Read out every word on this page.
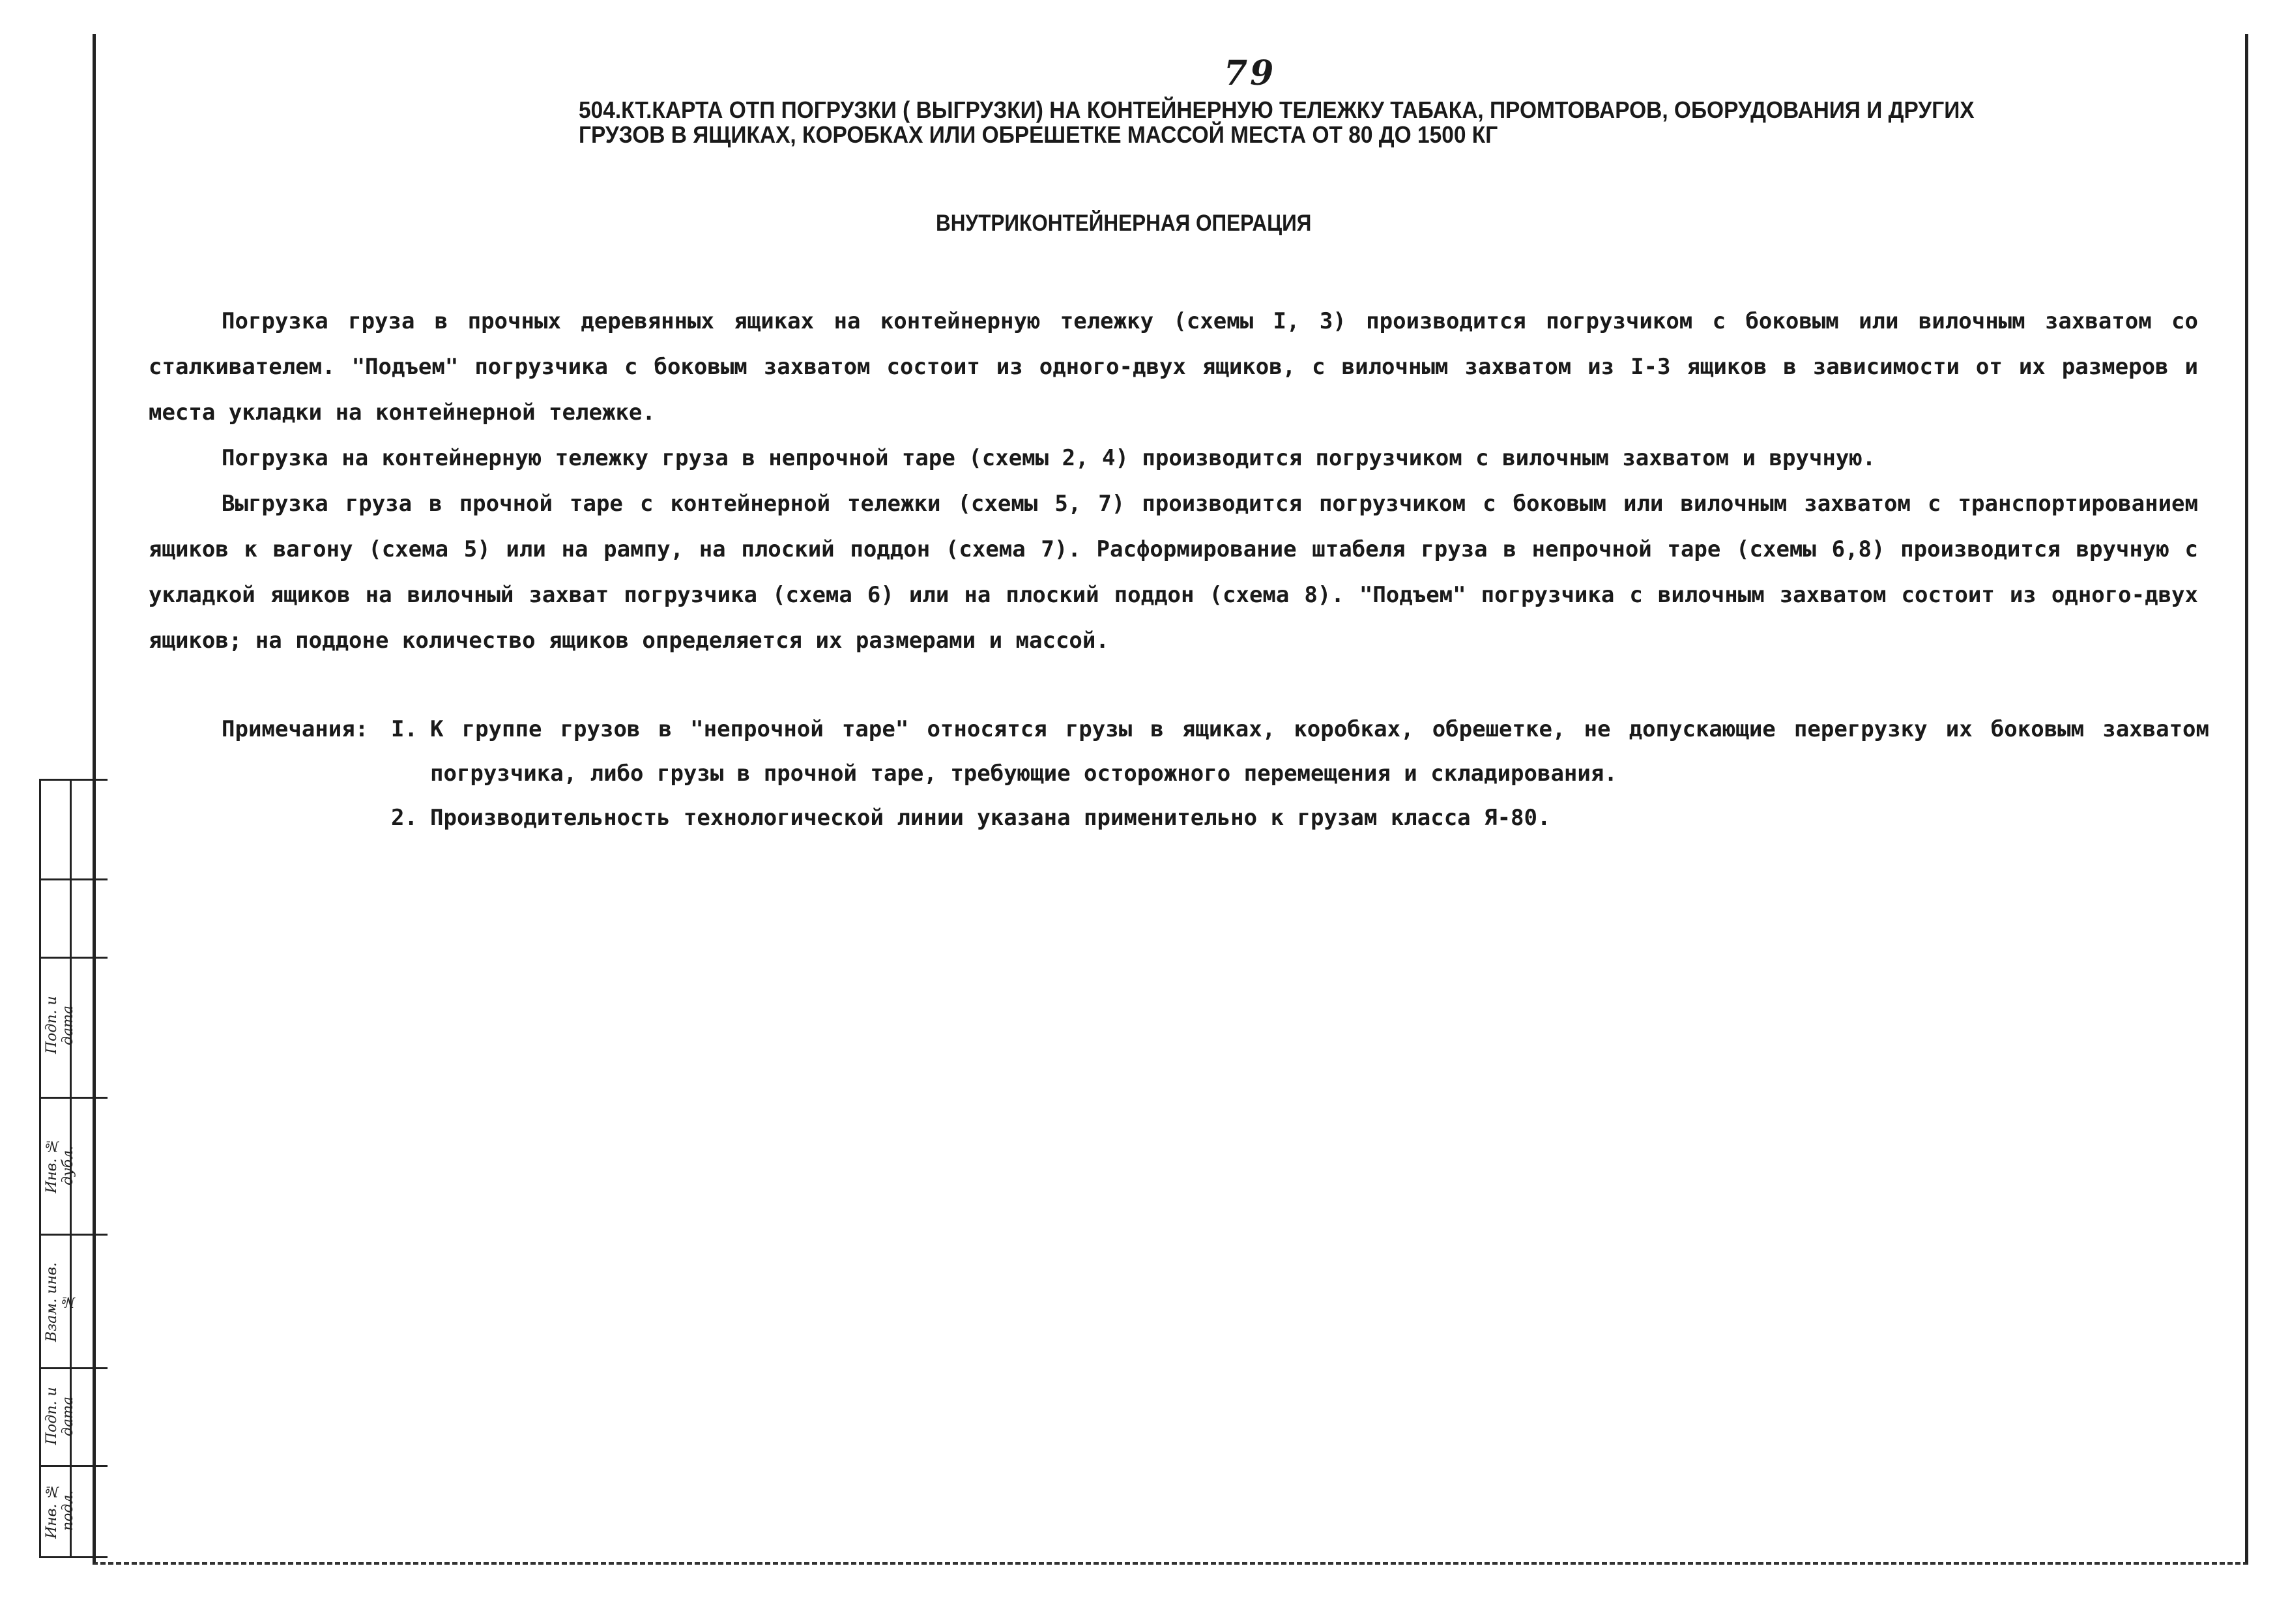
79
504.КТ.КАРТА ОТП ПОГРУЗКИ ( ВЫГРУЗКИ) НА КОНТЕЙНЕРНУЮ ТЕЛЕЖКУ ТАБАКА, ПРОМТОВАРОВ, ОБОРУДОВАНИЯ И ДРУГИХ
ГРУЗОВ В ЯЩИКАХ, КОРОБКАХ ИЛИ ОБРЕШЕТКЕ МАССОЙ МЕСТА ОТ 80 ДО 1500 КГ
ВНУТРИКОНТЕЙНЕРНАЯ ОПЕРАЦИЯ

Погрузка груза в прочных деревянных ящиках на контейнерную тележку (схемы I, 3) производится погрузчиком с боковым или вилочным захватом со сталкивателем. "Подъем" погрузчика с боковым захватом состоит из одного-двух ящиков, с вилочным захватом из I-3 ящиков в зависимости от их размеров и места укладки на контейнерной тележке.

Погрузка на контейнерную тележку груза в непрочной таре (схемы 2, 4) производится погрузчиком с вилочным захватом и вручную.

Выгрузка груза в прочной таре с контейнерной тележки (схемы 5, 7) производится погрузчиком с боковым или вилочным захватом с транспортированием ящиков к вагону (схема 5) или на рампу, на плоский поддон (схема 7). Расформирование штабеля груза в непрочной таре (схемы 6,8) производится вручную с укладкой ящиков на вилочный захват погрузчика (схема 6) или на плоский поддон (схема 8). "Подъем" погрузчика с вилочным захватом состоит из одного-двух ящиков; на поддоне количество ящиков определяется их размерами и массой.

Примечания:	I. К группе грузов в "непрочной таре" относятся грузы в ящиках, коробках, обрешетке, не допускающие перегрузку их боковым захватом погрузчика, либо грузы в прочной таре, требующие осторожного перемещения и складирования.
2. Производительность технологической линии указана применительно к грузам класса Я-80.
Подп. и дата
Инв. № дубл.
Взам. инв. №
Подп. и дата
Инв. № подл.
